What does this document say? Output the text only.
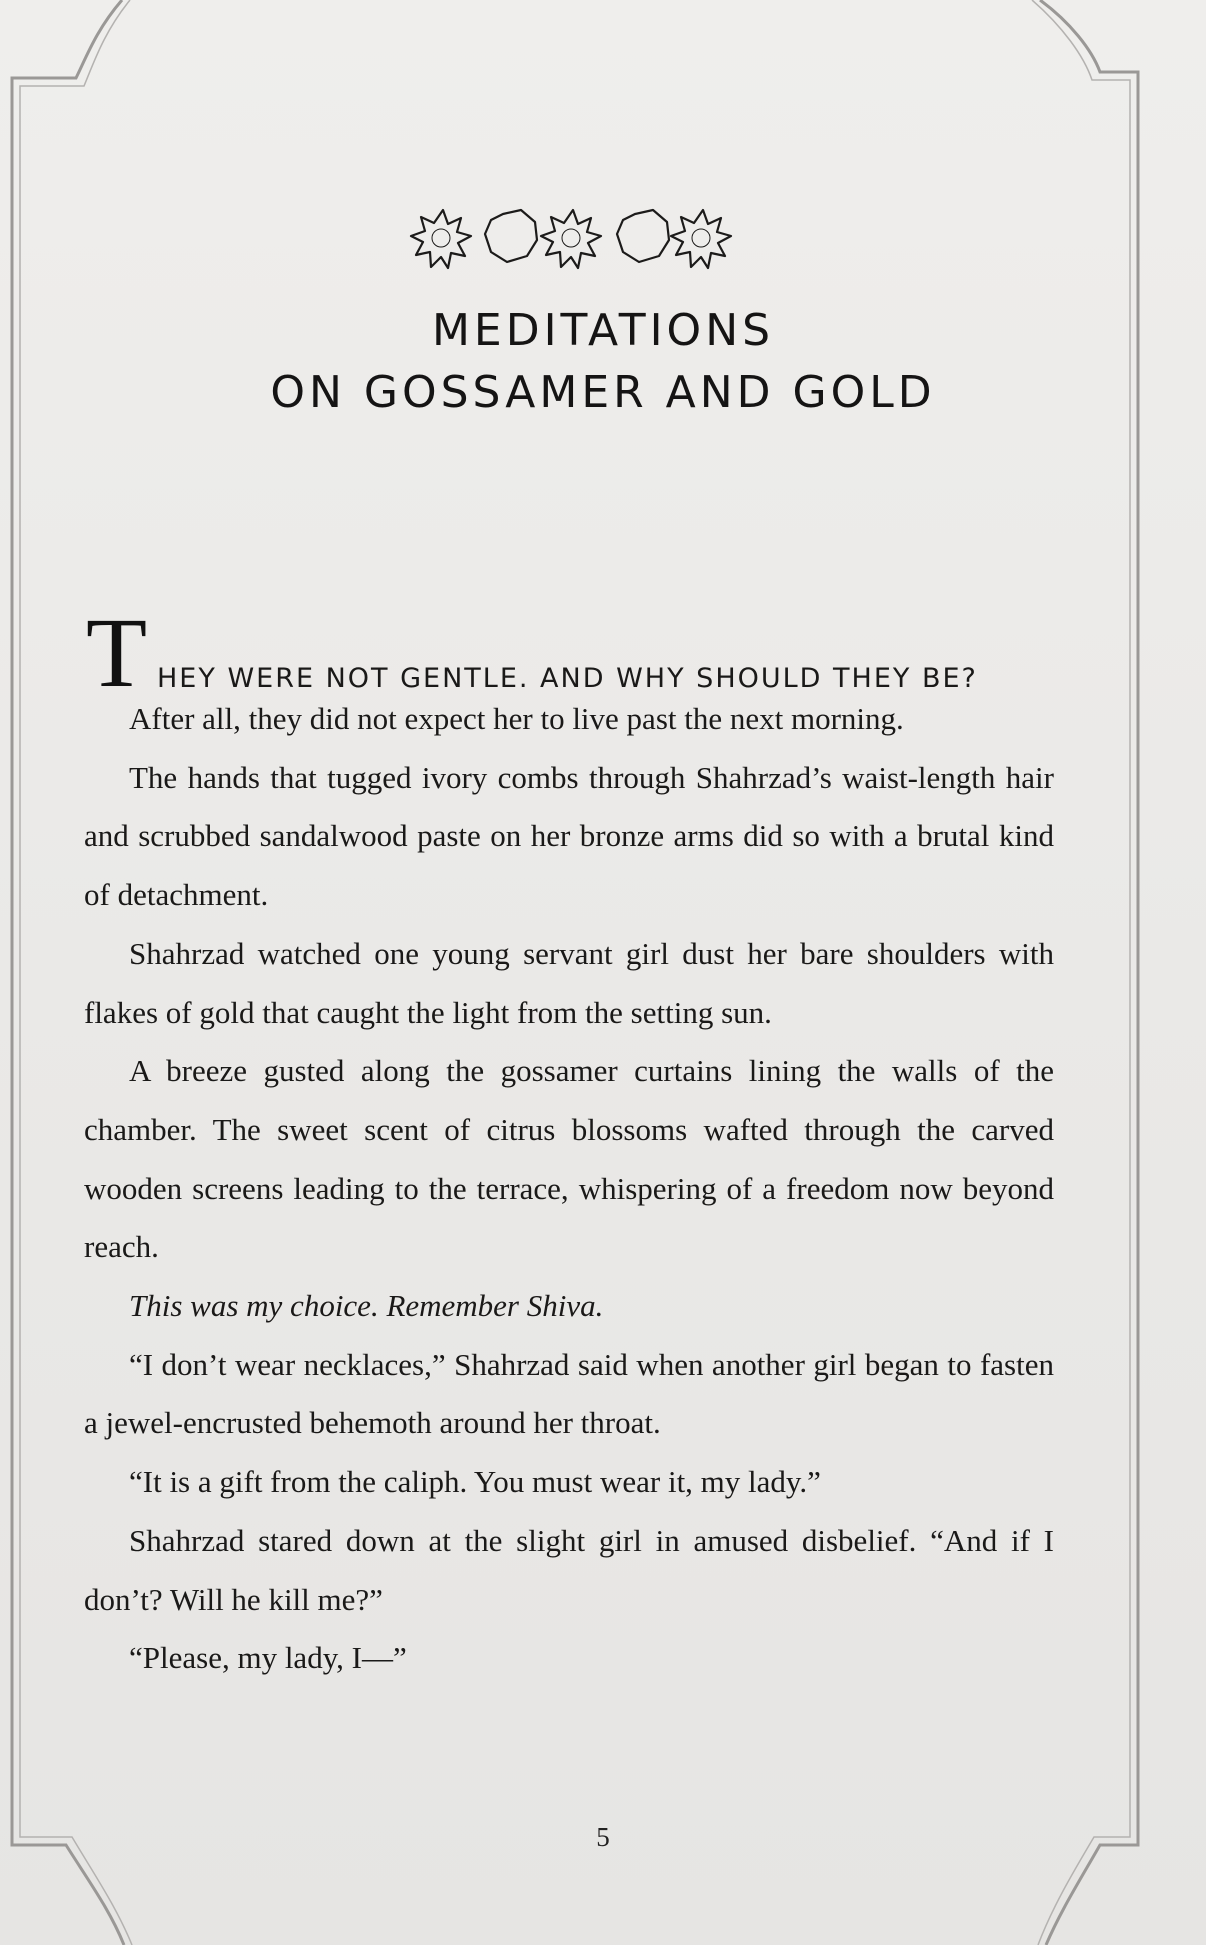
MEDITATIONS
ON GOSSAMER AND GOLD
T HEY WERE NOT GENTLE. AND WHY SHOULD THEY BE?

After all, they did not expect her to live past the next morning.

The hands that tugged ivory combs through Shahrzad’s waist-length hair and scrubbed sandalwood paste on her bronze arms did so with a brutal kind of detachment.

Shahrzad watched one young servant girl dust her bare shoulders with flakes of gold that caught the light from the setting sun.

A breeze gusted along the gossamer curtains lining the walls of the chamber. The sweet scent of citrus blossoms wafted through the carved wooden screens leading to the terrace, whispering of a freedom now beyond reach.

This was my choice. Remember Shiva.

“I don’t wear necklaces,” Shahrzad said when another girl began to fasten a jewel-encrusted behemoth around her throat.

“It is a gift from the caliph. You must wear it, my lady.”

Shahrzad stared down at the slight girl in amused disbelief. “And if I don’t? Will he kill me?”

“Please, my lady, I—”

5
